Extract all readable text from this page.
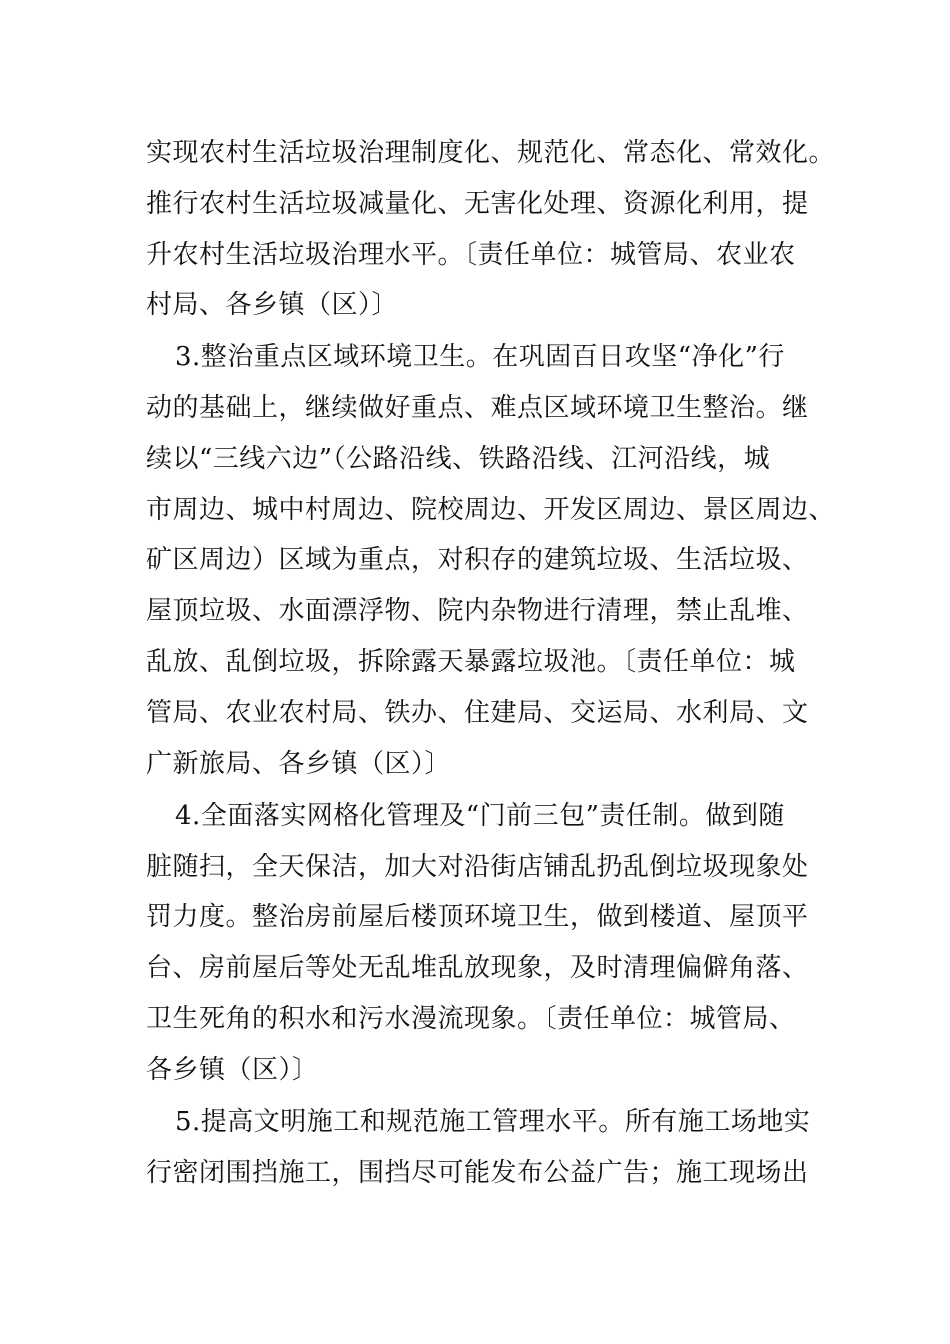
实现农村生活垃圾治理制度化、规范化、常态化、常效化。
推行农村生活垃圾减量化、无害化处理、资源化利用，提
升农村生活垃圾治理水平。〔责任单位：城管局、农业农
村局、各乡镇（区）〕
3.整治重点区域环境卫生。在巩固百日攻坚“净化”行
动的基础上，继续做好重点、难点区域环境卫生整治。继
续以“三线六边”（公路沿线、铁路沿线、江河沿线，城
市周边、城中村周边、院校周边、开发区周边、景区周边、
矿区周边）区域为重点，对积存的建筑垃圾、生活垃圾、
屋顶垃圾、水面漂浮物、院内杂物进行清理，禁止乱堆、
乱放、乱倒垃圾，拆除露天暴露垃圾池。〔责任单位：城
管局、农业农村局、铁办、住建局、交运局、水利局、文
广新旅局、各乡镇（区）〕
4.全面落实网格化管理及“门前三包”责任制。做到随
脏随扫，全天保洁，加大对沿街店铺乱扔乱倒垃圾现象处
罚力度。整治房前屋后楼顶环境卫生，做到楼道、屋顶平
台、房前屋后等处无乱堆乱放现象，及时清理偏僻角落、
卫生死角的积水和污水漫流现象。〔责任单位：城管局、
各乡镇（区）〕
5.提高文明施工和规范施工管理水平。所有施工场地实
行密闭围挡施工，围挡尽可能发布公益广告；施工现场出
